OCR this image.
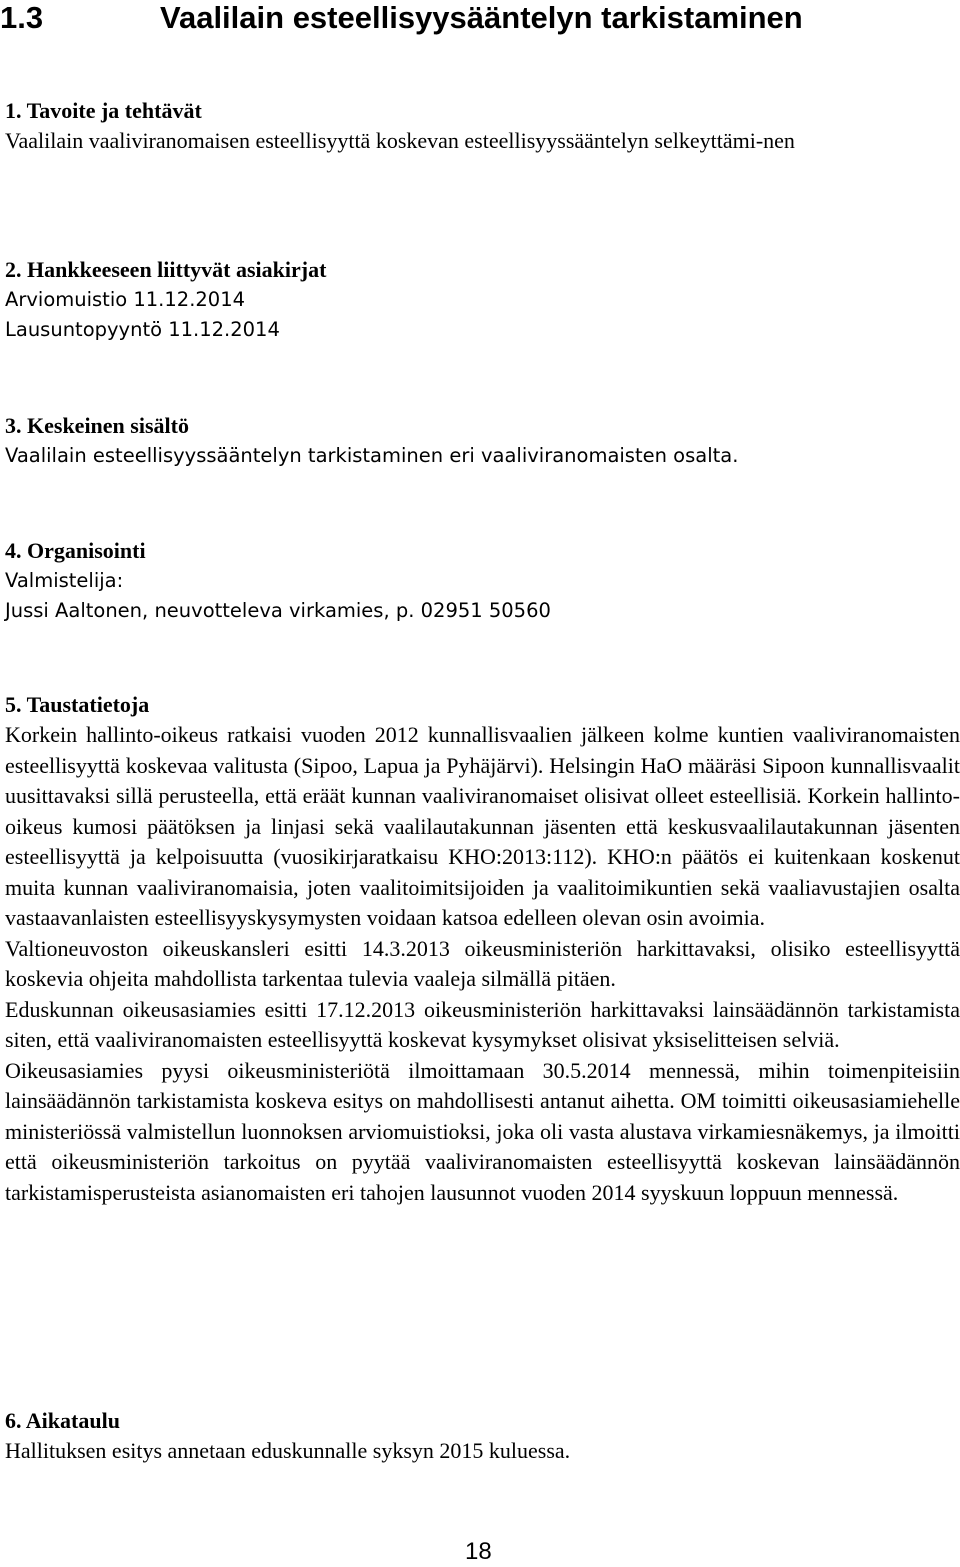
1.3	Vaalilain esteellisyysääntelyn tarkistaminen
1. Tavoite ja tehtävät

Vaalilain vaaliviranomaisen esteellisyyttä koskevan esteellisyyssääntelyn selkeyttämi-nen

2. Hankkeeseen liittyvät asiakirjat

Arviomuistio 11.12.2014

Lausuntopyyntö 11.12.2014

3. Keskeinen sisältö

Vaalilain esteellisyyssääntelyn tarkistaminen eri vaaliviranomaisten osalta.

4. Organisointi

Valmistelija:

Jussi Aaltonen, neuvotteleva virkamies, p. 02951 50560

5. Taustatietoja

Korkein hallinto-oikeus ratkaisi vuoden 2012 kunnallisvaalien jälkeen kolme kuntien vaaliviranomaisten esteellisyyttä koskevaa valitusta (Sipoo, Lapua ja Pyhäjärvi). Helsingin HaO määräsi Sipoon kunnallisvaalit uusittavaksi sillä perusteella, että eräät kunnan vaaliviranomaiset olisivat olleet esteellisiä. Korkein hallinto-oikeus kumosi päätöksen ja linjasi sekä vaalilautakunnan jäsenten että keskusvaalilautakunnan jäsenten esteellisyyttä ja kelpoisuutta (vuosikirjaratkaisu KHO:2013:112). KHO:n päätös ei kuitenkaan koskenut muita kunnan vaaliviranomaisia, joten vaalitoimitsijoiden ja vaalitoimikuntien sekä vaaliavustajien osalta vastaavanlaisten esteellisyyskysymysten voidaan katsoa edelleen olevan osin avoimia.

Valtioneuvoston oikeuskansleri esitti 14.3.2013 oikeusministeriön harkittavaksi, olisiko esteellisyyttä koskevia ohjeita mahdollista tarkentaa tulevia vaaleja silmällä pitäen.

Eduskunnan oikeusasiamies esitti 17.12.2013 oikeusministeriön harkittavaksi lainsäädännön tarkistamista siten, että vaaliviranomaisten esteellisyyttä koskevat kysymykset olisivat yksiselitteisen selviä.

Oikeusasiamies pyysi oikeusministeriötä ilmoittamaan 30.5.2014 mennessä, mihin toimenpiteisiin lainsäädännön tarkistamista koskeva esitys on mahdollisesti antanut aihetta. OM toimitti oikeusasiamiehelle ministeriössä valmistellun luonnoksen arviomuistioksi, joka oli vasta alustava virkamiesnäkemys, ja ilmoitti että oikeusministeriön tarkoitus on pyytää vaaliviranomaisten esteellisyyttä koskevan lainsäädännön tarkistamisperusteista asianomaisten eri tahojen lausunnot vuoden 2014 syyskuun loppuun mennessä.

6. Aikataulu

Hallituksen esitys annetaan eduskunnalle syksyn 2015 kuluessa.

18
